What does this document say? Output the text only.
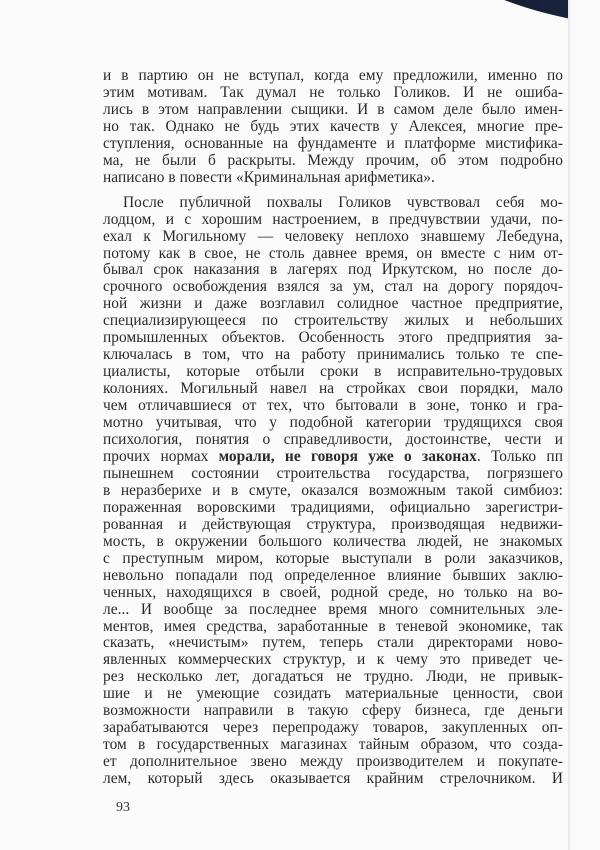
и в партию он не вступал, когда ему предложили, именно по
этим мотивам. Так думал не только Голиков. И не ошиба-
лись в этом направлении сыщики. И в самом деле было имен-
но так. Однако не будь этих качеств у Алексея, многие пре-
ступления, основанные на фундаменте и платформе мистифика-
ма, не были б раскрыты. Между прочим, об этом подробно
написано в повести «Криминальная арифметика».
После публичной похвалы Голиков чувствовал себя мо-
лодцом, и с хорошим настроением, в предчувствии удачи, по-
ехал к Могильному — человеку неплохо знавшему Лебедуна,
потому как в свое, не столь давнее время, он вместе с ним от-
бывал срок наказания в лагерях под Иркутском, но после до-
срочного освобождения взялся за ум, стал на дорогу порядоч-
ной жизни и даже возглавил солидное частное предприятие,
специализирующееся по строительству жилых и небольших
промышленных объектов. Особенность этого предприятия за-
ключалась в том, что на работу принимались только те спе-
циалисты, которые отбыли сроки в исправительно-трудовых
колониях. Могильный навел на стройках свои порядки, мало
чем отличавшиеся от тех, что бытовали в зоне, тонко и гра-
мотно учитывая, что у подобной категории трудящихся своя
психология, понятия о справедливости, достоинстве, чести и
прочих нормах морали, не говоря уже о законах. Только пп
пынешнем состоянии строительства государства, погрязшего
в неразберихе и в смуте, оказался возможным такой симбиоз:
пораженная воровскими традициями, официально зарегистри-
рованная и действующая структура, производящая недвижи-
мость, в окружении большого количества людей, не знакомых
с преступным миром, которые выступали в роли заказчиков,
невольно попадали под определенное влияние бывших заклю-
ченных, находящихся в своей, родной среде, но только на во-
ле... И вообще за последнее время много сомнительных эле-
ментов, имея средства, заработанные в теневой экономике, так
сказать, «нечистым» путем, теперь стали директорами ново-
явленных коммерческих структур, и к чему это приведет че-
рез несколько лет, догадаться не трудно. Люди, не привык-
шие и не умеющие созидать материальные ценности, свои
возможности направили в такую сферу бизнеса, где деньги
зарабатываются через перепродажу товаров, закупленных оп-
том в государственных магазинах тайным образом, что созда-
ет дополнительное звено между производителем и покупате-
лем, который здесь оказывается крайним стрелочником. И
93
